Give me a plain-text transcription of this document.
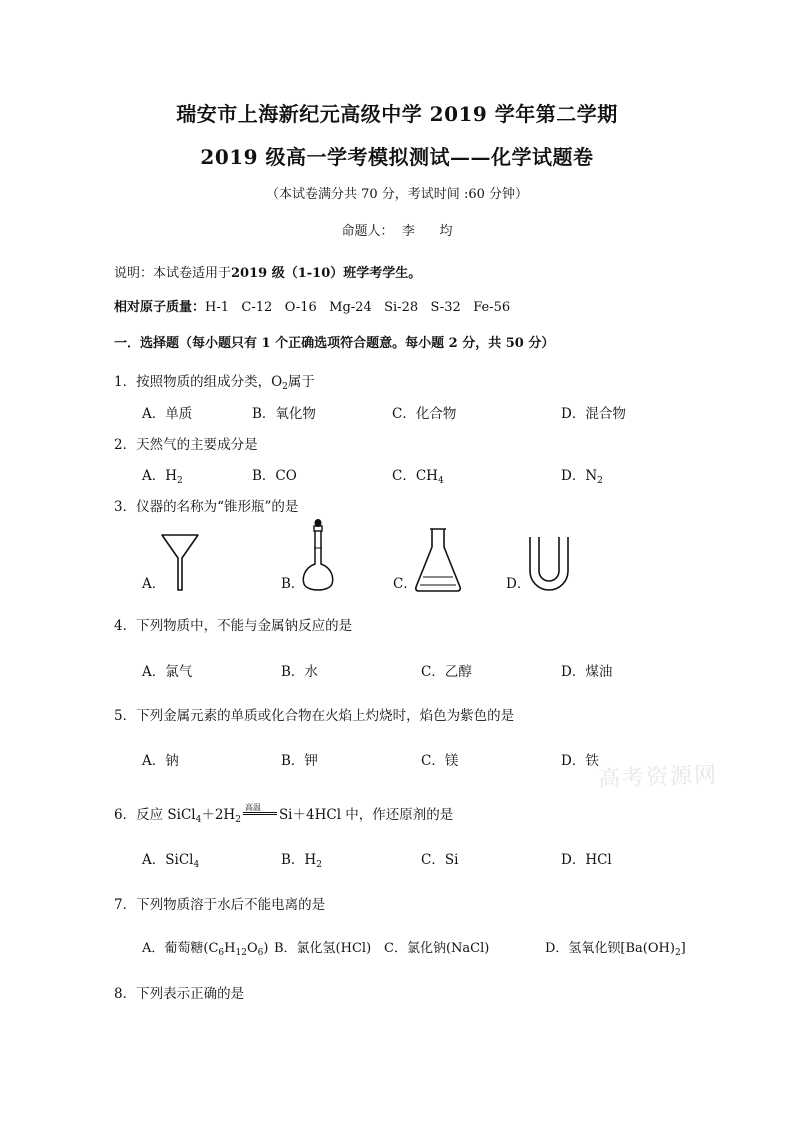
瑞安市上海新纪元高级中学 2019 学年第二学期
2019 级高一学考模拟测试——化学试题卷
（本试卷满分共 70 分，考试时间 :60 分钟）
命题人： 李      均
说明：本试卷适用于2019 级（1-10）班学考学生。
相对原子质量：H-1   C-12   O-16   Mg-24   Si-28   S-32   Fe-56
一．选择题（每小题只有 1 个正确选项符合题意。每小题 2 分，共 50 分）
1．按照物质的组成分类，$O_2$属于
A．单质	B．氧化物	C．化合物	D．混合物
2．天然气的主要成分是
A．$H_2$	B．CO	C．$CH_4$	D．$N_2$
3．仪器的名称为“锥形瓶”的是
A．	B．	C．	D．
4．下列物质中，不能与金属钠反应的是
A．氯气	B．水	C．乙醇	D．煤油
5．下列金属元素的单质或化合物在火焰上灼烧时，焰色为紫色的是
A．钠	B．钾	C．镁	D．铁
高考资源网
6．反应 $SiCl_4+2H_2$
高温 Si＋4HCl 中，作还原剂的是
A．SiCl$_4$	B．$H_2$	C．Si	D．HCl
7．下列物质溶于水后不能电离的是
A．葡萄糖$(C_6H_{12}O_6)$ B．氯化氢(HCl) C．氯化钠(NaCl)	D．氢氧化钡$[Ba(OH)_2]$
8．下列表示正确的是
